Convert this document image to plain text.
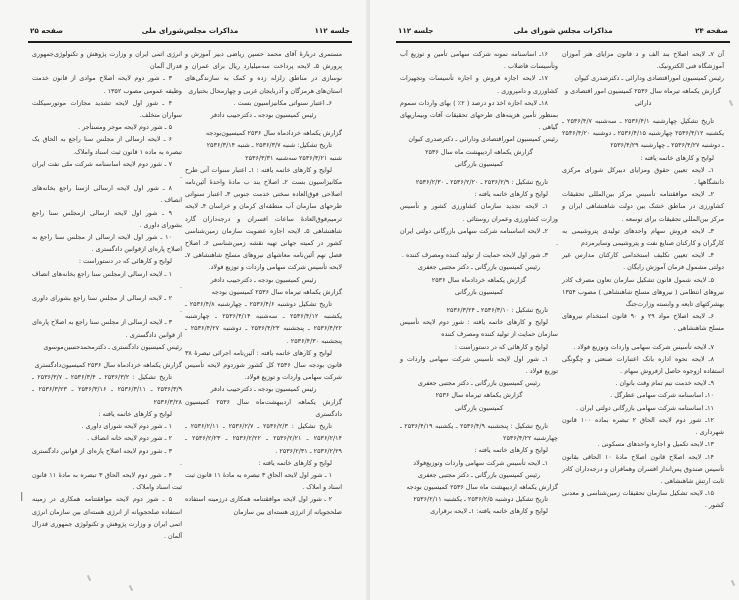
جلسه ۱۱۲
مذاکرات مجلس‌شورای ملی
صفحه ۲۵

مستمری دربارهٔ آقای محمد حسین ریاضی دبیر آموزش و پرورش ۵ـ لایحه پرداخت سه‌میلیارد ریال برای عمران و نوسازی در مناطق زلزله زده و کمک به سازندگی‌های استان‌های هرمزگان و آذربایجان غربی و چهارمحال بختیاری

۶ـ اعتبار سنواتی مکانیزاسیون بست .

رئیس کمیسیون بودجه ـ دکترحبیب دادفر

گزارش یکماهه خردادماه سال ۲۵۳۶ کمیسیون‌بودجه

تاریخ تشکیل: شنبه ۲۵۳۶/۳/۷ ـ شنبه ۲۵۳۶/۳/۱۴

شنبه ۲۵۳۶/۳/۲۱ سه‌شنبه ۲۵۳۶/۳/۳۱

لوایح و کارهای خاتمه یافته : ۱ـ اعتبار سنوات آتی طرح مکانیزاسیون بست ۲ـ اصلاح بند ب مادهٔ واحدهٔ آئین‌نامه اصلاحی فوق‌العاده سختی خدمت جنوبی ۳ـ اعتبار سنواتی طرحهای سازمان آب منطقه‌ای کرمان و خراسان ۴ـ لایحه ترمیم‌فوق‌العادهٔ ساعات افسران و درجه‌داران گارد شاهنشاهی ۵ـ لایحه اجازه عضویت سازمان زمین‌شناسی کشور در کمیته جهانی تهیه نقشه زمین‌شناسی ۶ـ اصلاح فصل نهم آئین‌نامه معاشهای نیروهای مسلح شاهنشاهی ۷ـ لایحه تأسیس شرکت سهامی واردات و توزیع فولاد.

رئیس کمیسیون بودجه ـ دکترحبیب دادفر

گزارش یکماهه تیرماه سال ۲۵۳۶ کمیسیون بودجه

تاریخ تشکیل دوشنبه ۲۵۳۶/۴/۶ ـ چهارشنبه ۲۵۳۶/۴/۸ ـ یکشنبه ۲۵۳۶/۴/۱۲ ـ سه‌شنبه ۲۵۳۶/۴/۱۴ ـ چهارشنبه ۲۵۳۶/۴/۲۲ ـ پنجشنبه ۲۵۳۶/۴/۲۳ ـ دوشنبه ۲۵۳۶/۴/۲۷ ـ پنجشنبه ۲۵۳۶/۴/۳۰ .

لوایح و کارهای خاتمه یافته : آئین‌نامه اجرائی تبصرهٔ ۳۸ قانون بودجه سال ۲۵۳۶ کل کشور شوردوم لایحه تأسیس شرکت سهامی واردات و توزیع فولاد.

رئیس کمیسیون بودجه ـ دکترحبیب دادفر

گزارش یکماهه اردیبهشت‌ماه سال ۲۵۳۶ کمیسیون دادگستری

تاریخ تشکیل : ۲۵۳۶/۲/۳ ـ ۲۵۳۶/۲/۷ ـ ۲۵۳۶/۲/۱۱ ـ ۲۵۳۶/۲/۱۴ ـ ۲۵۳۶/۲/۲۱ ـ ۲۵۳۶/۲/۲۲ ـ ۲۵۳۶/۲/۲۳ ـ ۲۵۳۶/۲/۲۹ ـ ۲۵۳۶/۲/۳۱ .

لوایح و کارهای خاتمه یافته :

۱ ـ شور اول لایحه الحاق ۳ تبصره به مادهٔ ۱۱ قانون ثبت اسناد و املاک .

۲ ـ شور اول لایحه موافقتنامه همکاری درزمینه استفاده صلحجویانه از انرژی هسته‌ای بین سازمان

انرژی اتمی ایران و وزارت پژوهش و تکنولوژی‌جمهوری فدرال آلمان

۳ ـ شور دوم لایحه اصلاح موادی از قانون خدمت وظیفه عمومی مصوب ۱۳۵۲ .

۴ ـ شور اول لایحه تشدید مجازات موتورسیکلت سواران متخلف.

۵ ـ شور دوم لایحه موجر ومستأجر .

۶ ـ لایحه ارسالی از مجلس سنا راجع به الحاق یک تبصره به ماده ۱ قانون ثبت اسناد واملاک.

۷ ـ شور دوم لایحه اساسنامه شرکت ملی نفت ایران .

۸ ـ شور اول لایحه ارسالی ازسنا راجع بخانه‌های انصاف .

۹ ـ شور اول لایحه ارسالی ازمجلس سنا راجع بشورای داوری .

۱۰ ـ شور اول لایحه ارسالی از مجلس سنا راجع به اصلاح پاره‌ای ازقوانین دادگستری .

لوایح و کارهائی که در دستوراست :

۱ ـ لایحه ارسالی ازمجلس سنا راجع بخانه‌های انصاف .

۲ ـ لایحه ارسالی از مجلس سنا راجع بشورای داوری .

۳ ـ لایحه ارسالی از مجلس سنا راجع به اصلاح پاره‌ای از قوانین دادگستری .

رئیس کمیسیون دادگستری ـ دکترمحمدحسین‌موسوی

گزارش یکماهه خردادماه سال ۲۵۳۶ کمیسیون‌دادگستری

تاریخ تشکیل : ۲۵۳۶/۳/۲ ـ ۲۵۳۶/۳/۴ ـ ۲۵۳۶/۳/۷ ـ ۲۵۳۶/۳/۹ ـ ۲۵۳۶/۳/۱۱ ـ ۲۵۳۶/۳/۱۶ ـ ۲۵۳۶/۳/۲۳ ـ ۲۵۳۶/۳/۲۸

لوایح و کارهای خاتمه یافته :

۱ ـ شور دوم لایحه شورای داوری .

۲ ـ شور دوم لایحه خانه انصاف .

۳ ـ شور دوم لایحه اصلاح پاره‌ای از قوانین دادگستری .

۴ ـ شور دوم لایحه الحاق ۳ تبصره به مادهٔ ۱۱ قانون ثبت اسناد واملاک .

۵ ـ شور دوم لایحه موافقتنامه همکاری در زمینه استفاده صلحجویانه از انرژی هسته‌ای بین سازمان انرژی اتمی ایران و وزارت پژوهش و تکنولوژی جمهوری فدرال آلمان .

❘
صفحه ۲۴
مذاکرات مجلس شورای ملی
جلسه ۱۱۲

آن‌ ۷ـ لایحه اصلاح بند الف و د قانون مزایای هنر آموزان آموزشگاه فنی الکترونیک.

رئیس کمیسیون اموراقتصادی ودارائی ـ دکترصدری کیوان

گزارش یکماهه تیرماه سال ۲۵۳۶ کمیسیون امور اقتصادی و دارائی

تاریخ تشکیل چهارشنبه ۲۵۳۶/۴/۱ ـ سه‌شنبه ۲۵۳۶/۴/۷ ـ یکشنبه ۲۵۳۶/۴/۱۲ چهارشنبه ۲۵۳۶/۴/۱۵ ـ دوشنبه ۲۵۳۶/۴/۲۰ ـ دوشنبه ۲۵۳۶/۴/۲۷ ـ چهارشنبه ۲۵۳۶/۴/۲۹

لوایح و کارهای خاتمه یافته :

۱ـ لایحه تعیین حقوق ومزایای دبیرکل شورای مرکزی دانشگاهها .

۲ـ لایحه موافقتنامه تأسیس مرکز بین‌المللی تحقیقات کشاورزی در مناطق خشک بین دولت شاهنشاهی ایران و مرکز بین‌المللی تحقیقات برای توسعه .

۳ـ لایحه فروش سهام واحدهای تولیدی پتروشیمی به کارگران و کارکنان صنایع نفت و پتروشیمی وسایرمردم

۴ـ لایحه تعیین تکلیف استخدامی کارکنان مدارس غیر دولتی مشمول فرمان آموزش رایگان .

۵ـ لایحه شمول قانون تشکیل سازمان تعاون مصرف کادر نیروهای انتظامی ( نیروهای مسلح شاهنشاهی ) مصوب ۱۳۵۴ بهشرکتهای تابعه و وابسته وزارت‌جنگ

۶ـ لایحه اصلاح مواد ۲۹ و ۹۰ قانون استخدام نیروهای مسلح شاهنشاهی .

۷ـ لایحه تأسیس شرکت سهامی واردات وتوزیع فولاد .

۸ـ لایحه نحوه اداره بانک اعتبارات صنعتی و چگونگی استفاده ازوجوه حاصل ازفروش سهام .

۹ـ لایحه خدمت نیم تمام وقت بانوان .

۱۰ـ اساسنامه شرکت سهامی عطرگل .

۱۱ـ اساسنامه شرکت سهامی بازرگانی دولتی ایران .

۱۲ـ شور دوم لایحه الحاق ۲ تبصره بماده ۱۰۰ قانون شهرداری .

۱۳ـ لایحه تکمیل و اجاره واحدهای مسکونی .

۱۴ـ لایحه اصلاح قانون اصلاح مادهٔ ۱۰ الحاقی بقانون تأسیس صندوق پس‌انداز افسران‌ وهمافران و درجه‌داران کادر ثابت ارتش شاهنشاهی .

۱۵ـ لایحه تشکیل سازمان تحقیقات زمین‌شناسی و معدنی کشور .

۱۶ـ اساسنامه نمونه شرکت سهامی تأمین و توزیع آب وتأسیسات فاضلاب .

۱۷ـ لایحه اجازه فروش و اجاره تأسیسات وتجهیزات کشاورزی و دامپروری .

۱۸ـ لایحه اجازه اخذ دو درصد ( ۲٪ ) بهای واردات سموم بمنظور تأمین هزینه‌های طرحهای تحقیقات آفات وبیماریهای گیاهی .

رئیس کمیسیون اموراقتصادی ودارائی ـ دکترصدری کیوان

گزارش یکماهه اردیبهشت ماه سال ۲۵۳۶

کمیسیون بازرگانی

تاریخ تشکیل : ۲۵۳۶/۲/۹ ـ ۲۵۳۶/۲/۲۰ ـ ۲۵۳۶/۲/۳۰

لوایح و کارهای خاتمه یافته :

۱ـ لایحه تجدید سازمان کشاورزی کشور و تأسیس وزارت کشاورزی وعمران روستائی .

۲ـ لایحه اساسنامه شرکت سهامی بازرگانی دولتی ایران .

۳ـ شور اول لایحه حمایت از تولید کننده ومصرف کننده .

رئیس کمیسیون بازرگانی ـ دکتر مجتبی جعفری

گزارش یکماهه خردادماه سال ۲۵۳۶

کمیسیون بازرگانی

تاریخ تشکیل : ۲۵۳۶/۳/۱۰ ـ ۲۵۳۶/۳/۲۴

لوایح و کارهای خاتمه یافته : شور دوم لایحه تأسیس سازمان حمایت از تولید کننده ومصرف کننده

لوایح و کارهائی که در دستوراست :

۱ـ شور اول لایحه تأسیس شرکت سهامی واردات و توزیع فولاد .

رئیس کمیسیون بازرگانی ـ دکتر مجتبی جعفری

گزارش یکماهه تیرماه سال ۲۵۳۶

کمیسیون بازرگانی

تاریخ تشکیل : پنجشنبه ۲۵۳۶/۴/۹ ـ یکشنبه ۲۵۳۶/۴/۱۹ ـ چهارشنبه ۲۵۳۶/۴/۲۲

لوایح و کارهای خاتمه یافته :

۱ـ لایحه تأسیس شرکت سهامی واردات وتوزیع‌فولاد

رئیس کمیسیون بازرگانی ـ دکتر مجتبی جعفری

گزارش یکماهه اردیبهشت ماه سال ۲۵۳۶ کمیسیون بودجه

تاریخ تشکیل دوشنبه ۲۵۳۶/۲/۵ ـ یکشنبه ۲۵۳۶/۲/۱۱

لوایح و کارهای خاتمه یافته: ۱ـ لایحه برقراری
